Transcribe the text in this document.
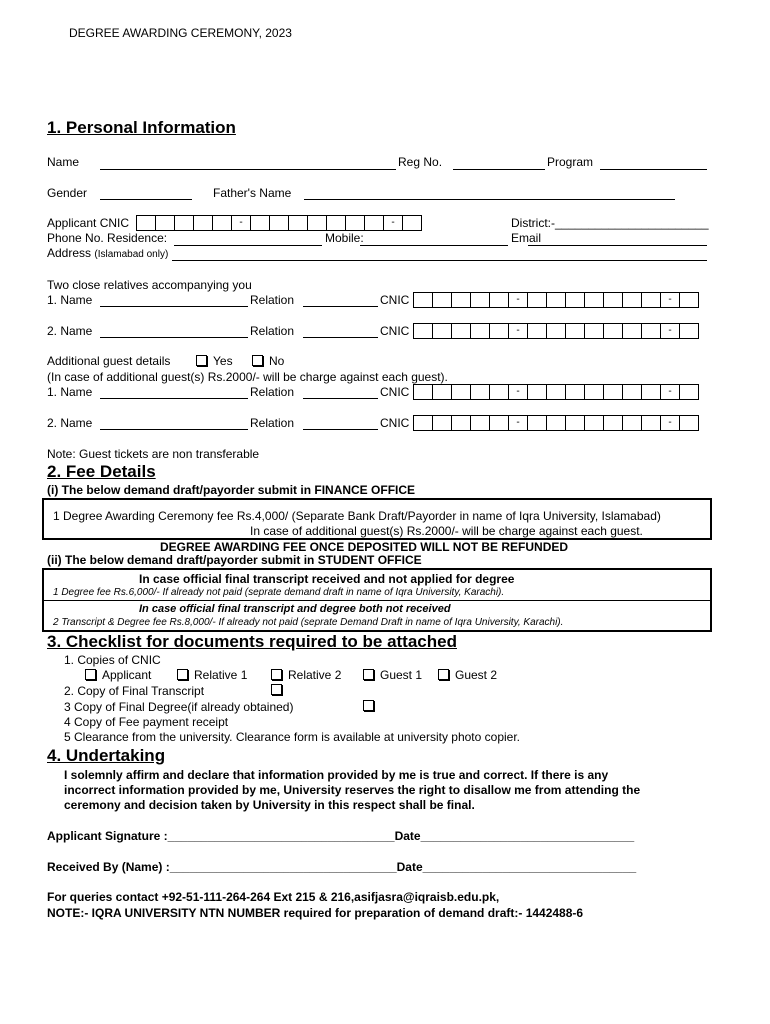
DEGREE AWARDING CEREMONY, 2023
1. Personal Information
Name	Reg No.	Program
Gender	Father's Name
Applicant CNIC	-	-	District:-_______________________
Phone No. Residence:	Mobile:	Email
Address (Islamabad only)
Two close relatives accompanying you
1. Name	Relation	CNIC	-	-
2. Name	Relation	CNIC	-	-
Additional guest details	Yes	No
(In case of additional guest(s) Rs.2000/- will be charge against each guest).
1. Name	Relation	CNIC	-	-
2. Name	Relation	CNIC	-	-
Note: Guest tickets are non transferable
2. Fee Details
(i) The below demand draft/payorder submit in FINANCE OFFICE
1 Degree Awarding Ceremony fee Rs.4,000/ (Separate Bank Draft/Payorder in name of Iqra University, Islamabad)
In case of additional guest(s) Rs.2000/- will be charge against each guest.
DEGREE AWARDING FEE ONCE DEPOSITED WILL NOT BE REFUNDED
(ii) The below demand draft/payorder submit in STUDENT OFFICE
In case official final transcript received and not applied for degree
1 Degree fee Rs.6,000/- If already not paid (seprate demand draft in name of Iqra University, Karachi).
In case official final transcript and degree both not received
2 Transcript & Degree fee Rs.8,000/- If already not paid (seprate Demand Draft in name of Iqra University, Karachi).
3. Checklist for documents required to be attached
1. Copies of CNIC
Applicant	Relative 1	Relative 2	Guest 1	Guest 2
2. Copy of Final Transcript
3 Copy of Final Degree(if already obtained)
4 Copy of Fee payment receipt
5 Clearance from the university. Clearance form is available at university photo copier.
4. Undertaking
I solemnly affirm and declare that information provided by me is true and correct. If there is any
incorrect information provided by me, University reserves the right to disallow me from attending the
ceremony and decision taken by University in this respect shall be final.
Applicant Signature :__________________________________Date________________________________
Received By (Name) :__________________________________Date________________________________
For queries contact +92-51-111-264-264 Ext 215 & 216,asifjasra@iqraisb.edu.pk,
NOTE:- IQRA UNIVERSITY NTN NUMBER required for preparation of demand draft:- 1442488-6
